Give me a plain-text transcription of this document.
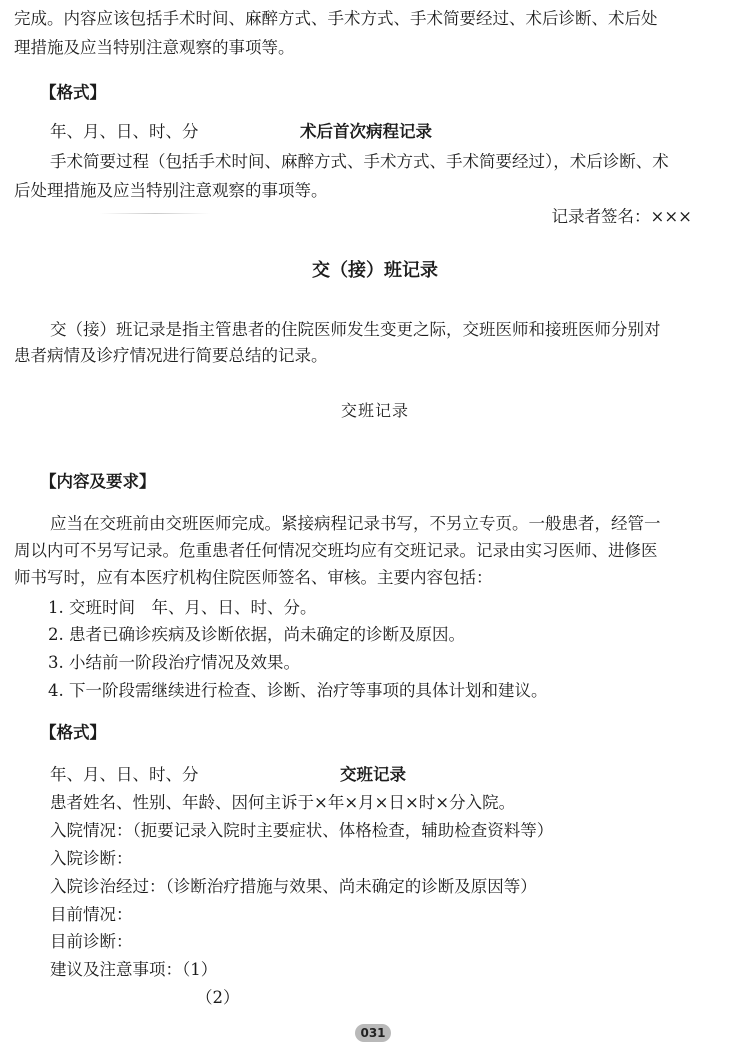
完成。内容应该包括手术时间、麻醉方式、手术方式、手术简要经过、术后诊断、术后处
理措施及应当特别注意观察的事项等。
【格式】
年、月、日、时、分	术后首次病程记录
手术简要过程（包括手术时间、麻醉方式、手术方式、手术简要经过），术后诊断、术
后处理措施及应当特别注意观察的事项等。
记录者签名：×××
交（接）班记录
交（接）班记录是指主管患者的住院医师发生变更之际，交班医师和接班医师分别对
患者病情及诊疗情况进行简要总结的记录。
交班记录
【内容及要求】
应当在交班前由交班医师完成。紧接病程记录书写，不另立专页。一般患者，经管一
周以内可不另写记录。危重患者任何情况交班均应有交班记录。记录由实习医师、进修医
师书写时，应有本医疗机构住院医师签名、审核。主要内容包括：
1. 交班时间　年、月、日、时、分。
2. 患者已确诊疾病及诊断依据，尚未确定的诊断及原因。
3. 小结前一阶段治疗情况及效果。
4. 下一阶段需继续进行检查、诊断、治疗等事项的具体计划和建议。
【格式】
年、月、日、时、分	交班记录
患者姓名、性别、年龄、因何主诉于×年×月×日×时×分入院。
入院情况：（扼要记录入院时主要症状、体格检查，辅助检查资料等）
入院诊断：
入院诊治经过：（诊断治疗措施与效果、尚未确定的诊断及原因等）
目前情况：
目前诊断：
建议及注意事项：（1）
（2）
031
